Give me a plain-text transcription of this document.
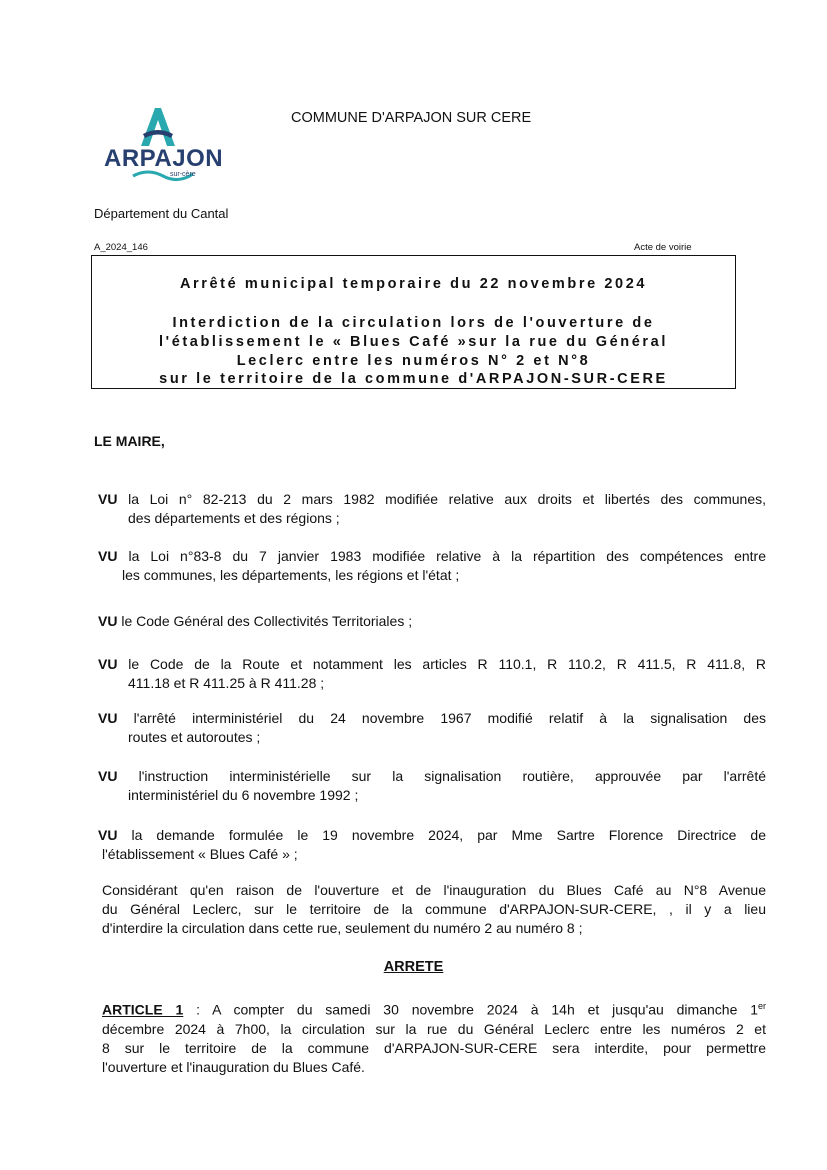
ARPAJON
sur-cère
COMMUNE D'ARPAJON SUR CERE
Département du Cantal
A_2024_146	Acte de voirie
Arrêté municipal temporaire du 22 novembre 2024
Interdiction de la circulation lors de l'ouverture de
l'établissement le « Blues Café »sur la rue du Général
Leclerc entre les numéros N° 2 et N°8
sur le territoire de la commune d'ARPAJON-SUR-CERE
LE MAIRE,
VU la Loi n° 82-213 du 2 mars 1982 modifiée relative aux droits et libertés des communes,
des départements et des régions ;
VU la Loi n°83-8 du 7 janvier 1983 modifiée relative à la répartition des compétences entre
les communes, les départements, les régions et l'état ;
VU le Code Général des Collectivités Territoriales ;
VU le Code de la Route et notamment les articles R 110.1, R 110.2, R 411.5, R 411.8, R
411.18 et R 411.25 à R 411.28 ;
VU l'arrêté interministériel du 24 novembre 1967 modifié relatif à la signalisation des
routes et autoroutes ;
VU l'instruction interministérielle sur la signalisation routière, approuvée par l'arrêté
interministériel du 6 novembre 1992 ;
VU la demande formulée le 19 novembre 2024, par Mme Sartre Florence Directrice de
l'établissement « Blues Café » ;
Considérant qu'en raison de l'ouverture et de l'inauguration du Blues Café au N°8 Avenue
du Général Leclerc, sur le territoire de la commune d'ARPAJON-SUR-CERE, , il y a lieu
d'interdire la circulation dans cette rue, seulement du numéro 2 au numéro 8 ;
ARRETE
ARTICLE 1 : A compter du samedi 30 novembre 2024 à 14h et jusqu'au dimanche 1er
décembre 2024 à 7h00, la circulation sur la rue du Général Leclerc entre les numéros 2 et
8 sur le territoire de la commune d'ARPAJON-SUR-CERE sera interdite, pour permettre
l'ouverture et l'inauguration du Blues Café.
